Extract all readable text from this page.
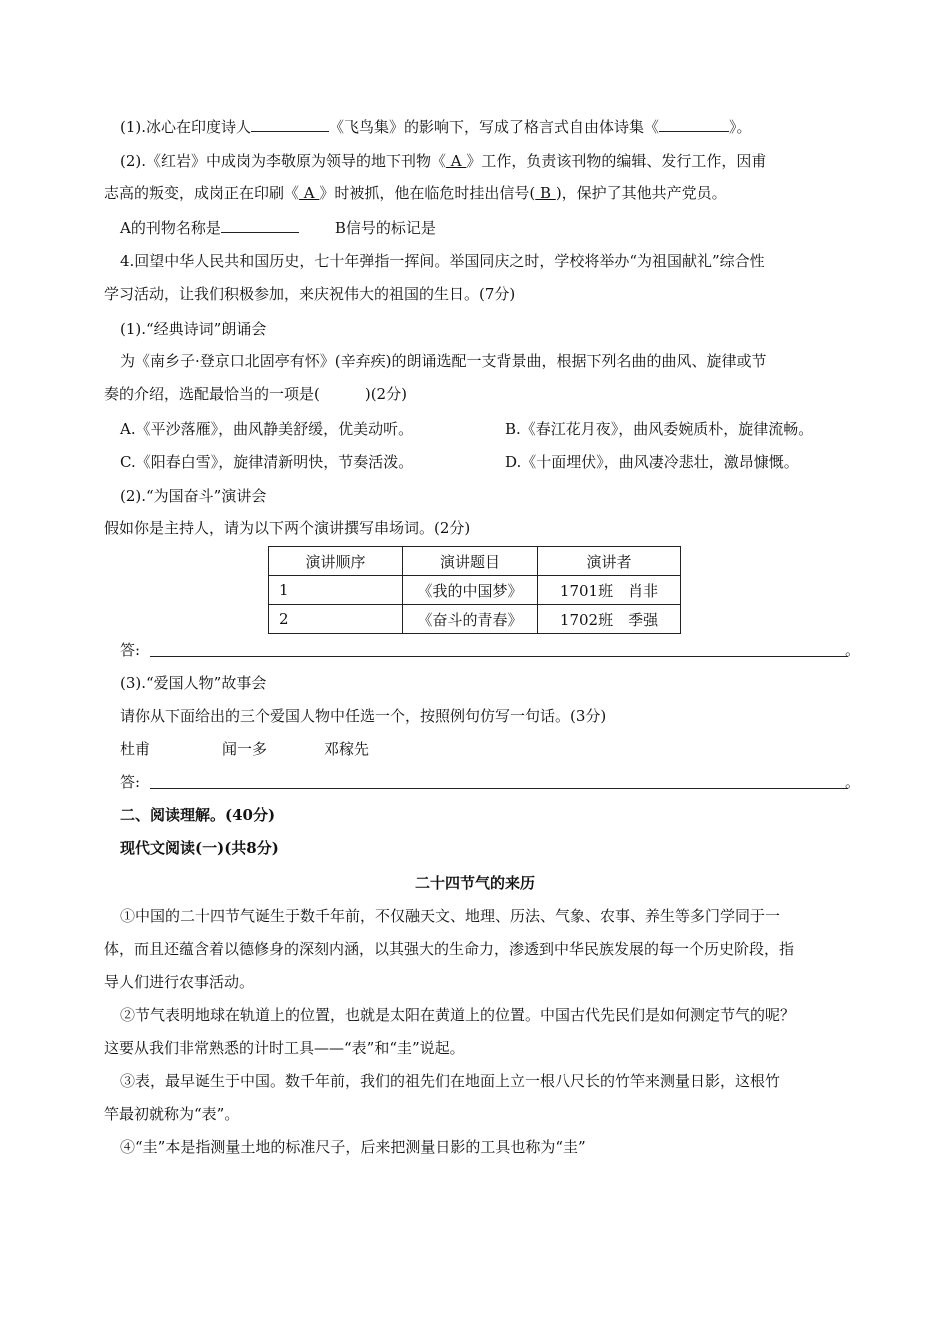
(1).冰心在印度诗人	《飞鸟集》的影响下，写成了格言式自由体诗集《	》。
(2).《红岩》中成岗为李敬原为领导的地下刊物《 A 》工作，负责该刊物的编辑、发行工作，因甫
志高的叛变，成岗正在印刷《 A 》时被抓，他在临危时挂出信号( B )，保护了其他共产党员。
A的刊物名称是	B信号的标记是
4.回望中华人民共和国历史，七十年弹指一挥间。举国同庆之时，学校将举办“为祖国献礼”综合性
学习活动，让我们积极参加，来庆祝伟大的祖国的生日。(7分)
(1).“经典诗词”朗诵会
为《南乡子·登京口北固亭有怀》(辛弃疾)的朗诵选配一支背景曲，根据下列名曲的曲风、旋律或节
奏的介绍，选配最恰当的一项是(　　　)(2分)
A.《平沙落雁》，曲风静美舒缓，优美动听。	B.《春江花月夜》，曲风委婉质朴，旋律流畅。
C.《阳春白雪》，旋律清新明快，节奏活泼。	D.《十面埋伏》，曲风凄冷悲壮，激昂慷慨。
(2).“为国奋斗”演讲会
假如你是主持人，请为以下两个演讲撰写串场词。(2分)
演讲顺序	演讲题目	演讲者
1	《我的中国梦》	1701班　肖非
2	《奋斗的青春》	1702班　季强
答:	。
(3).“爱国人物”故事会
请你从下面给出的三个爱国人物中任选一个，按照例句仿写一句话。(3分)
杜甫	闻一多	邓稼先
答:	。
二、阅读理解。(40分)
现代文阅读(一)(共8分)
二十四节气的来历
①中国的二十四节气诞生于数千年前，不仅融天文、地理、历法、气象、农事、养生等多门学同于一
体，而且还蕴含着以德修身的深刻内涵，以其强大的生命力，渗透到中华民族发展的每一个历史阶段，指
导人们进行农事活动。
②节气表明地球在轨道上的位置，也就是太阳在黄道上的位置。中国古代先民们是如何测定节气的呢？
这要从我们非常熟悉的计时工具——“表”和“圭”说起。
③表，最早诞生于中国。数千年前，我们的祖先们在地面上立一根八尺长的竹竿来测量日影，这根竹
竿最初就称为“表”。
④“圭”本是指测量土地的标准尺子，后来把测量日影的工具也称为“圭”
